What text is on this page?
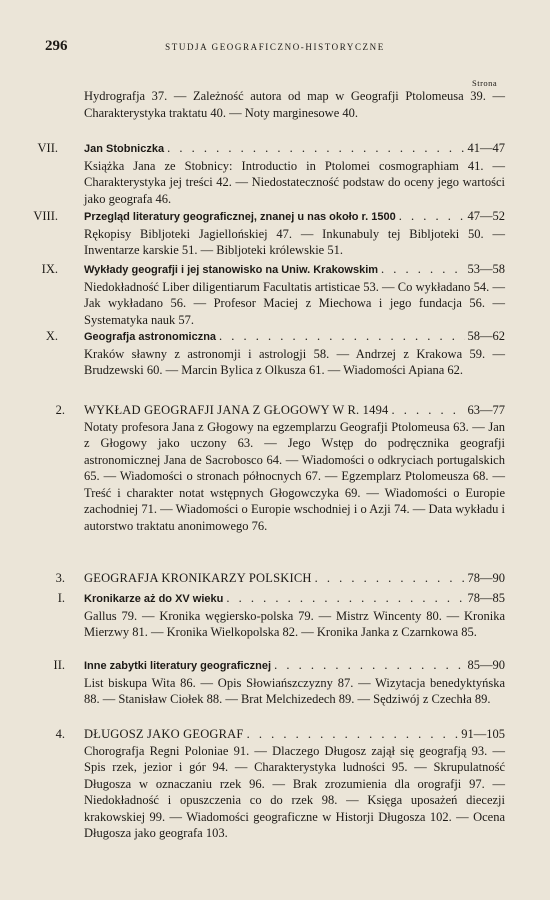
296	STUDJA GEOGRAFICZNO-HISTORYCZNE
Strona
Hydrografja 37. — Zależność autora od map w Geografji Ptolomeusa 39. — Charakterystyka traktatu 40. — Noty marginesowe 40.
VII. Jan Stobniczka . . .	41—47
Książka Jana ze Stobnicy: Introductio in Ptolomei cosmographiam 41. — Charakterystyka jej treści 42. — Niedostateczność podstaw do oceny jego wartości jako geografa 46.
VIII. Przegląd literatury geograficznej, znanej u nas około r. 1500 . . .	47—52
Rękopisy Bibljoteki Jagiellońskiej 47. — Inkunabuly tej Bibljoteki 50. — Inwentarze karskie 51. — Bibljoteki królewskie 51.
IX. Wykłady geografji i jej stanowisko na Uniw. Krakowskim . . .	53—58
Niedokładność Liber diligentiarum Facultatis artisticae 53. — Co wykładano 54. — Jak wykładano 56. — Profesor Maciej z Miechowa i jego fundacja 56. — Systematyka nauk 57.
X. Geografja astronomiczna . . .	58—62
Kraków sławny z astronomji i astrologji 58. — Andrzej z Krakowa 59. — Brudzewski 60. — Marcin Bylica z Olkusza 61. — Wiadomości Apiana 62.
2. WYKŁAD GEOGRAFJI JANA Z GŁOGOWY W R. 1494 . . .	63—77
Notaty profesora Jana z Głogowy na egzemplarzu Geografji Ptolomeusa 63. — Jan z Głogowy jako uczony 63. — Jego Wstęp do podręcznika geografji astronomicznej Jana de Sacrobosco 64. — Wiadomości o odkryciach portugalskich 65. — Wiadomości o stronach północnych 67. — Egzemplarz Ptolomeusza 68. — Treść i charakter notat wstępnych Głogowczyka 69. — Wiadomości o Europie zachodniej 71. — Wiadomości o Europie wschodniej i o Azji 74. — Data wykładu i autorstwo traktatu anonimowego 76.
3. GEOGRAFJA KRONIKARZY POLSKICH . . .	78—90
I. Kronikarze aż do XV wieku . . .	78—85
Gallus 79. — Kronika węgiersko-polska 79. — Mistrz Wincenty 80. — Kronika Mierzwy 81. — Kronika Wielkopolska 82. — Kronika Janka z Czarnkowa 85.
II. Inne zabytki literatury geograficznej . . .	85—90
List biskupa Wita 86. — Opis Słowiańszczyzny 87. — Wizytacja benedyktyńska 88. — Stanisław Ciołek 88. — Brat Melchizedech 89. — Sędziwój z Czechła 89.
4. DŁUGOSZ JAKO GEOGRAF . . .	91—105
Chorografja Regni Poloniae 91. — Dlaczego Długosz zajął się geografją 93. — Spis rzek, jezior i gór 94. — Charakterystyka ludności 95. — Skrupulatność Długosza w oznaczaniu rzek 96. — Brak zrozumienia dla orografji 97. — Niedokładność i opuszczenia co do rzek 98. — Księga uposażeń diecezji krakowskiej 99. — Wiadomości geograficzne w Historji Długosza 102. — Ocena Długosza jako geografa 103.
